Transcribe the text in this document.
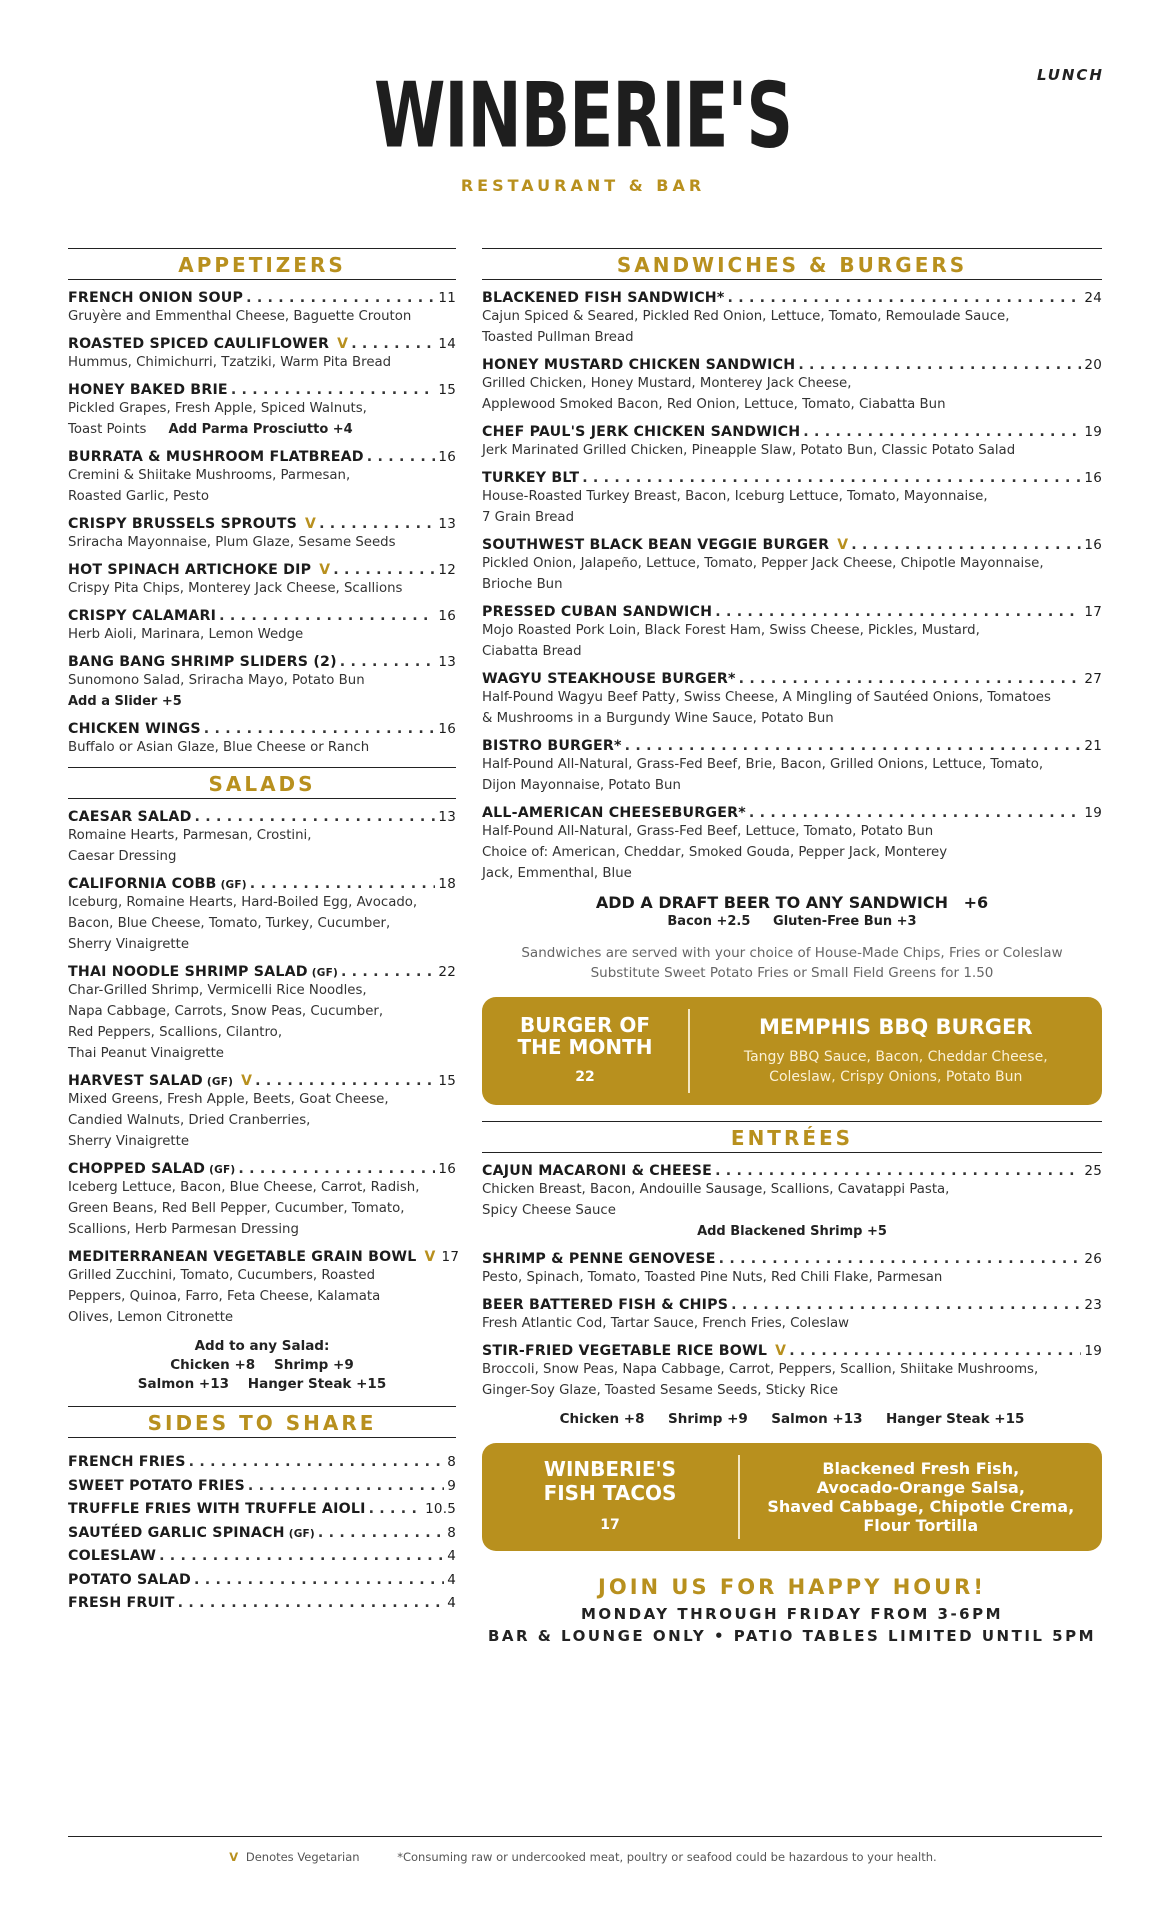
LUNCH
WINBERIE'S
RESTAURANT & BAR
APPETIZERS
FRENCH ONION SOUP . . .	11
Gruyère and Emmenthal Cheese, Baguette Crouton
ROASTED SPICED CAULIFLOWER V . . .	14
Hummus, Chimichurri, Tzatziki, Warm Pita Bread
HONEY BAKED BRIE . . .	15
Pickled Grapes, Fresh Apple, Spiced Walnuts,
Toast Points Add Parma Prosciutto +4
BURRATA & MUSHROOM FLATBREAD . . .	16
Cremini & Shiitake Mushrooms, Parmesan,
Roasted Garlic, Pesto
CRISPY BRUSSELS SPROUTS V . . .	13
Sriracha Mayonnaise, Plum Glaze, Sesame Seeds
HOT SPINACH ARTICHOKE DIP V . . .	12
Crispy Pita Chips, Monterey Jack Cheese, Scallions
CRISPY CALAMARI . . .	16
Herb Aioli, Marinara, Lemon Wedge
BANG BANG SHRIMP SLIDERS (2) . . .	13
Sunomono Salad, Sriracha Mayo, Potato Bun
Add a Slider +5
CHICKEN WINGS . . .	16
Buffalo or Asian Glaze, Blue Cheese or Ranch
SALADS
CAESAR SALAD . . .	13
Romaine Hearts, Parmesan, Crostini,
Caesar Dressing
CALIFORNIA COBB (GF) . . .	18
Iceburg, Romaine Hearts, Hard-Boiled Egg, Avocado,
Bacon, Blue Cheese, Tomato, Turkey, Cucumber,
Sherry Vinaigrette
THAI NOODLE SHRIMP SALAD (GF) . . .	22
Char-Grilled Shrimp, Vermicelli Rice Noodles,
Napa Cabbage, Carrots, Snow Peas, Cucumber,
Red Peppers, Scallions, Cilantro,
Thai Peanut Vinaigrette
HARVEST SALAD (GF) V . . .	15
Mixed Greens, Fresh Apple, Beets, Goat Cheese,
Candied Walnuts, Dried Cranberries,
Sherry Vinaigrette
CHOPPED SALAD (GF) . . .	16
Iceberg Lettuce, Bacon, Blue Cheese, Carrot, Radish,
Green Beans, Red Bell Pepper, Cucumber, Tomato,
Scallions, Herb Parmesan Dressing
MEDITERRANEAN VEGETABLE GRAIN BOWL V 17
Grilled Zucchini, Tomato, Cucumbers, Roasted
Peppers, Quinoa, Farro, Feta Cheese, Kalamata
Olives, Lemon Citronette
Add to any Salad:
Chicken +8    Shrimp +9
Salmon +13    Hanger Steak +15
SIDES TO SHARE
FRENCH FRIES . . .	8
SWEET POTATO FRIES . . .	9
TRUFFLE FRIES WITH TRUFFLE AIOLI . . .	10.5
SAUTÉED GARLIC SPINACH (GF) . . .	8
COLESLAW . . .	4
POTATO SALAD . . .	4
FRESH FRUIT . . .	4
SANDWICHES & BURGERS
BLACKENED FISH SANDWICH* . . .	24
Cajun Spiced & Seared, Pickled Red Onion, Lettuce, Tomato, Remoulade Sauce,
Toasted Pullman Bread
HONEY MUSTARD CHICKEN SANDWICH . . .	20
Grilled Chicken, Honey Mustard, Monterey Jack Cheese,
Applewood Smoked Bacon, Red Onion, Lettuce, Tomato, Ciabatta Bun
CHEF PAUL'S JERK CHICKEN SANDWICH . . .	19
Jerk Marinated Grilled Chicken, Pineapple Slaw, Potato Bun, Classic Potato Salad
TURKEY BLT . . .	16
House-Roasted Turkey Breast, Bacon, Iceburg Lettuce, Tomato, Mayonnaise,
7 Grain Bread
SOUTHWEST BLACK BEAN VEGGIE BURGER V . . .	16
Pickled Onion, Jalapeño, Lettuce, Tomato, Pepper Jack Cheese, Chipotle Mayonnaise,
Brioche Bun
PRESSED CUBAN SANDWICH . . .	17
Mojo Roasted Pork Loin, Black Forest Ham, Swiss Cheese, Pickles, Mustard,
Ciabatta Bread
WAGYU STEAKHOUSE BURGER* . . .	27
Half-Pound Wagyu Beef Patty, Swiss Cheese, A Mingling of Sautéed Onions, Tomatoes
& Mushrooms in a Burgundy Wine Sauce, Potato Bun
BISTRO BURGER* . . .	21
Half-Pound All-Natural, Grass-Fed Beef, Brie, Bacon, Grilled Onions, Lettuce, Tomato,
Dijon Mayonnaise, Potato Bun
ALL-AMERICAN CHEESEBURGER* . . .	19
Half-Pound All-Natural, Grass-Fed Beef, Lettuce, Tomato, Potato Bun
Choice of: American, Cheddar, Smoked Gouda, Pepper Jack, Monterey
Jack, Emmenthal, Blue
ADD A DRAFT BEER TO ANY SANDWICH +6
Bacon +2.5     Gluten-Free Bun +3
Sandwiches are served with your choice of House-Made Chips, Fries or Coleslaw
Substitute Sweet Potato Fries or Small Field Greens for 1.50
BURGER OF
THE MONTH
22
MEMPHIS BBQ BURGER
Tangy BBQ Sauce, Bacon, Cheddar Cheese,
Coleslaw, Crispy Onions, Potato Bun
ENTRÉES
CAJUN MACARONI & CHEESE . . .	25
Chicken Breast, Bacon, Andouille Sausage, Scallions, Cavatappi Pasta,
Spicy Cheese Sauce
Add Blackened Shrimp +5
SHRIMP & PENNE GENOVESE . . .	26
Pesto, Spinach, Tomato, Toasted Pine Nuts, Red Chili Flake, Parmesan
BEER BATTERED FISH & CHIPS . . .	23
Fresh Atlantic Cod, Tartar Sauce, French Fries, Coleslaw
STIR-FRIED VEGETABLE RICE BOWL V . . .	19
Broccoli, Snow Peas, Napa Cabbage, Carrot, Peppers, Scallion, Shiitake Mushrooms,
Ginger-Soy Glaze, Toasted Sesame Seeds, Sticky Rice
Chicken +8     Shrimp +9     Salmon +13     Hanger Steak +15
WINBERIE'S
FISH TACOS
17
Blackened Fresh Fish,
Avocado-Orange Salsa,
Shaved Cabbage, Chipotle Crema,
Flour Tortilla
JOIN US FOR HAPPY HOUR!
MONDAY THROUGH FRIDAY FROM 3-6PM
BAR & LOUNGE ONLY • PATIO TABLES LIMITED UNTIL 5PM
V Denotes Vegetarian	*Consuming raw or undercooked meat, poultry or seafood could be hazardous to your health.
